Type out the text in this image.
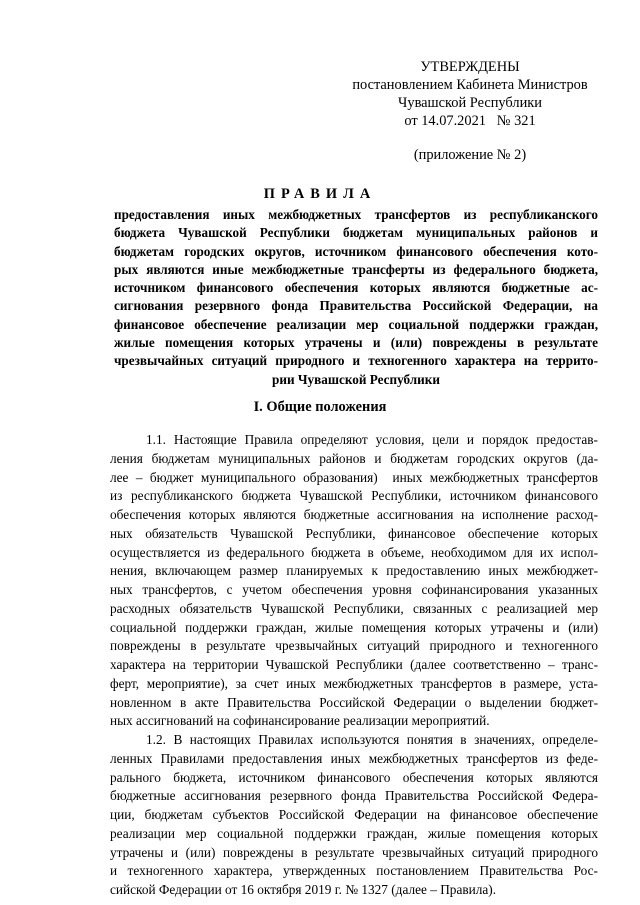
УТВЕРЖДЕНЫ
постановлением Кабинета Министров
Чувашской Республики
от 14.07.2021   № 321
(приложение № 2)
ПРАВИЛА
предоставления иных межбюджетных трансфертов из республиканского
бюджета Чувашской Республики бюджетам муниципальных районов и
бюджетам городских округов, источником финансового обеспечения кото-
рых являются иные межбюджетные трансферты из федерального бюджета,
источником финансового обеспечения которых являются бюджетные ас-
сигнования резервного фонда Правительства Российской Федерации, на
финансовое обеспечение реализации мер социальной поддержки граждан,
жилые помещения которых утрачены и (или) повреждены в результате
чрезвычайных ситуаций природного и техногенного характера на террито-
рии Чувашской Республики
I. Общие положения
1.1. Настоящие Правила определяют условия, цели и порядок предостав-
ления бюджетам муниципальных районов и бюджетам городских округов (да-
лее – бюджет муниципального образования)  иных межбюджетных трансфертов
из республиканского бюджета Чувашской Республики, источником финансового
обеспечения которых являются бюджетные ассигнования на исполнение расход-
ных обязательств Чувашской Республики, финансовое обеспечение которых
осуществляется из федерального бюджета в объеме, необходимом для их испол-
нения, включающем размер планируемых к предоставлению иных межбюджет-
ных трансфертов, с учетом обеспечения уровня софинансирования указанных
расходных обязательств Чувашской Республики, связанных с реализацией мер
социальной поддержки граждан, жилые помещения которых утрачены и (или)
повреждены в результате чрезвычайных ситуаций природного и техногенного
характера на территории Чувашской Республики (далее соответственно – транс-
ферт, мероприятие), за счет иных межбюджетных трансфертов в размере, уста-
новленном в акте Правительства Российской Федерации о выделении бюджет-
ных ассигнований на софинансирование реализации мероприятий.
1.2. В настоящих Правилах используются понятия в значениях, определе-
ленных Правилами предоставления иных межбюджетных трансфертов из феде-
рального бюджета, источником финансового обеспечения которых являются
бюджетные ассигнования резервного фонда Правительства Российской Федера-
ции, бюджетам субъектов Российской Федерации на финансовое обеспечение
реализации мер социальной поддержки граждан, жилые помещения которых
утрачены и (или) повреждены в результате чрезвычайных ситуаций природного
и техногенного характера, утвержденных постановлением Правительства Рос-
сийской Федерации от 16 октября 2019 г. № 1327 (далее – Правила).
